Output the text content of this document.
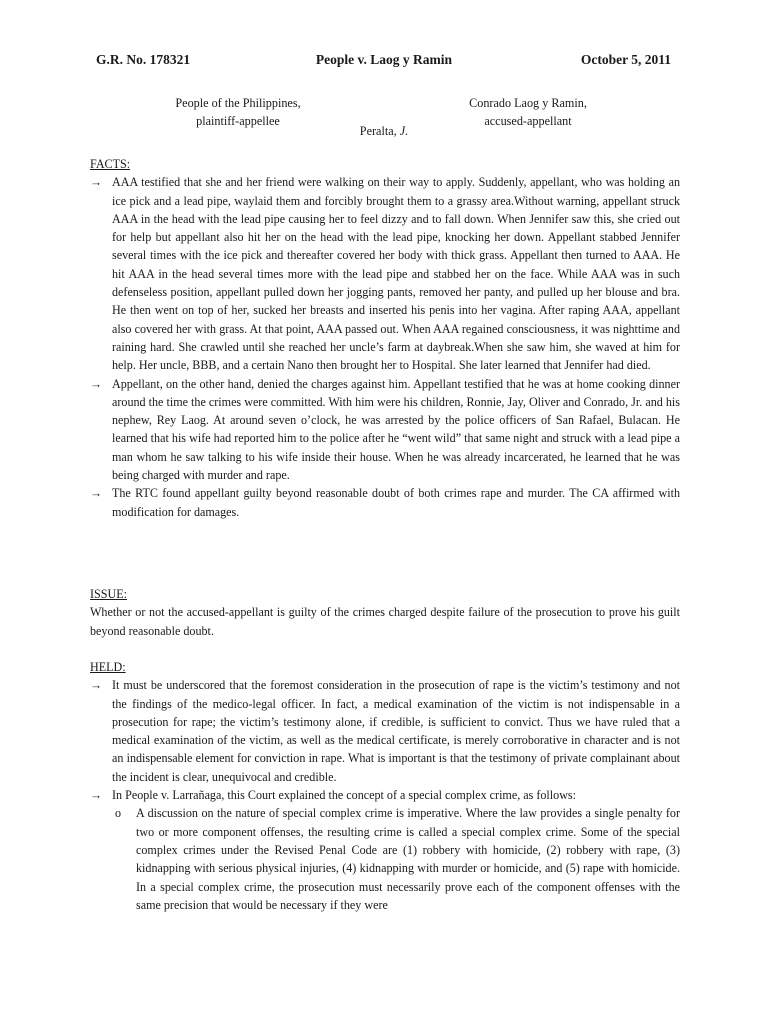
G.R. No. 178321	People v. Laog y Ramin	October 5, 2011
People of the Philippines,
plaintiff-appellee
Conrado Laog y Ramin,
accused-appellant
Peralta, J.

FACTS:

→ AAA testified that she and her friend were walking on their way to apply. Suddenly, appellant, who was holding an ice pick and a lead pipe, waylaid them and forcibly brought them to a grassy area.Without warning, appellant struck AAA in the head with the lead pipe causing her to feel dizzy and to fall down. When Jennifer saw this, she cried out for help but appellant also hit her on the head with the lead pipe, knocking her down. Appellant stabbed Jennifer several times with the ice pick and thereafter covered her body with thick grass. Appellant then turned to AAA. He hit AAA in the head several times more with the lead pipe and stabbed her on the face. While AAA was in such defenseless position, appellant pulled down her jogging pants, removed her panty, and pulled up her blouse and bra. He then went on top of her, sucked her breasts and inserted his penis into her vagina. After raping AAA, appellant also covered her with grass. At that point, AAA passed out. When AAA regained consciousness, it was nighttime and raining hard. She crawled until she reached her uncle’s farm at daybreak.When she saw him, she waved at him for help. Her uncle, BBB, and a certain Nano then brought her to Hospital. She later learned that Jennifer had died.
→ Appellant, on the other hand, denied the charges against him. Appellant testified that he was at home cooking dinner around the time the crimes were committed. With him were his children, Ronnie, Jay, Oliver and Conrado, Jr. and his nephew, Rey Laog. At around seven o’clock, he was arrested by the police officers of San Rafael, Bulacan. He learned that his wife had reported him to the police after he “went wild” that same night and struck with a lead pipe a man whom he saw talking to his wife inside their house. When he was already incarcerated, he learned that he was being charged with murder and rape.
→ The RTC found appellant guilty beyond reasonable doubt of both crimes rape and murder. The CA affirmed with modification for damages.

ISSUE:

Whether or not the accused-appellant is guilty of the crimes charged despite failure of the prosecution to prove his guilt beyond reasonable doubt.

HELD:

→ It must be underscored that the foremost consideration in the prosecution of rape is the victim’s testimony and not the findings of the medico-legal officer. In fact, a medical examination of the victim is not indispensable in a prosecution for rape; the victim’s testimony alone, if credible, is sufficient to convict. Thus we have ruled that a medical examination of the victim, as well as the medical certificate, is merely corroborative in character and is not an indispensable element for conviction in rape. What is important is that the testimony of private complainant about the incident is clear, unequivocal and credible.
→ In People v. Larrañaga, this Court explained the concept of a special complex crime, as follows:
o A discussion on the nature of special complex crime is imperative. Where the law provides a single penalty for two or more component offenses, the resulting crime is called a special complex crime. Some of the special complex crimes under the Revised Penal Code are (1) robbery with homicide, (2) robbery with rape, (3) kidnapping with serious physical injuries, (4) kidnapping with murder or homicide, and (5) rape with homicide. In a special complex crime, the prosecution must necessarily prove each of the component offenses with the same precision that would be necessary if they were
